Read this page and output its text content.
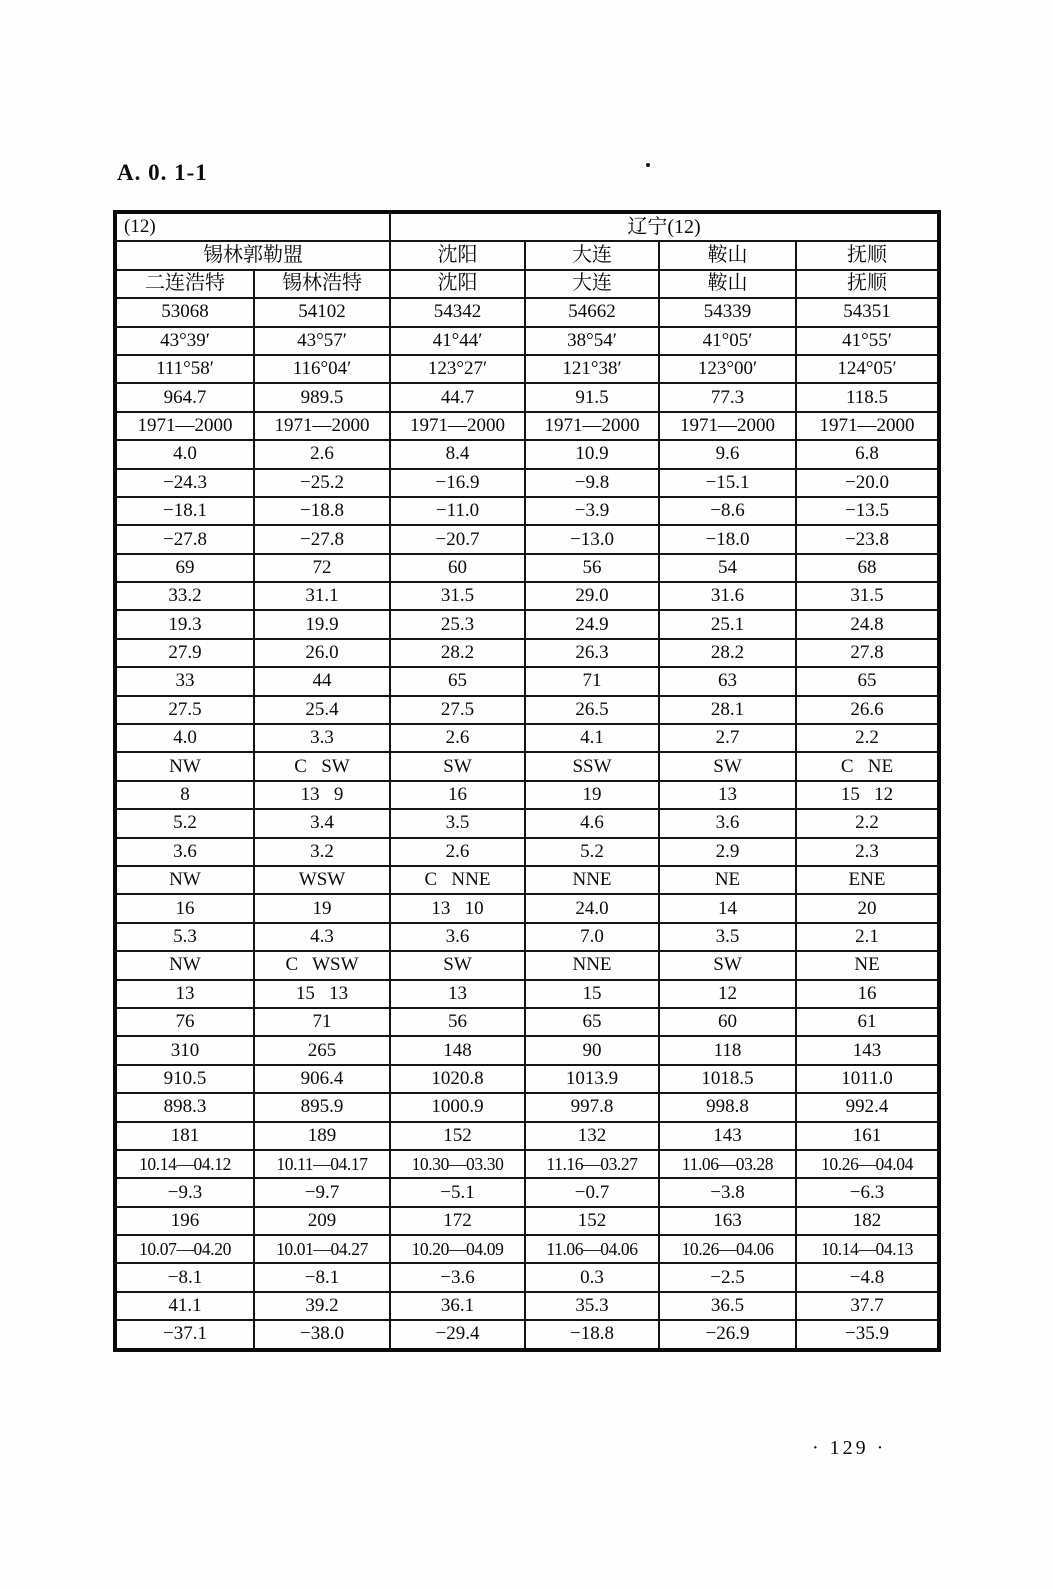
A. 0. 1-1
(12)		辽宁(12)			
锡林郭勒盟		沈阳	大连	鞍山	抚顺
二连浩特	锡林浩特	沈阳	大连	鞍山	抚顺
53068	54102	54342	54662	54339	54351
43°39′	43°57′	41°44′	38°54′	41°05′	41°55′
111°58′	116°04′	123°27′	121°38′	123°00′	124°05′
964.7	989.5	44.7	91.5	77.3	118.5
1971—2000	1971—2000	1971—2000	1971—2000	1971—2000	1971—2000
4.0	2.6	8.4	10.9	9.6	6.8
−24.3	−25.2	−16.9	−9.8	−15.1	−20.0
−18.1	−18.8	−11.0	−3.9	−8.6	−13.5
−27.8	−27.8	−20.7	−13.0	−18.0	−23.8
69	72	60	56	54	68
33.2	31.1	31.5	29.0	31.6	31.5
19.3	19.9	25.3	24.9	25.1	24.8
27.9	26.0	28.2	26.3	28.2	27.8
33	44	65	71	63	65
27.5	25.4	27.5	26.5	28.1	26.6
4.0	3.3	2.6	4.1	2.7	2.2
NW	C   SW	SW	SSW	SW	C   NE
8	13   9	16	19	13	15   12
5.2	3.4	3.5	4.6	3.6	2.2
3.6	3.2	2.6	5.2	2.9	2.3
NW	WSW	C   NNE	NNE	NE	ENE
16	19	13   10	24.0	14	20
5.3	4.3	3.6	7.0	3.5	2.1
NW	C   WSW	SW	NNE	SW	NE
13	15   13	13	15	12	16
76	71	56	65	60	61
310	265	148	90	118	143
910.5	906.4	1020.8	1013.9	1018.5	1011.0
898.3	895.9	1000.9	997.8	998.8	992.4
181	189	152	132	143	161
10.14—04.12	10.11—04.17	10.30—03.30	11.16—03.27	11.06—03.28	10.26—04.04
−9.3	−9.7	−5.1	−0.7	−3.8	−6.3
196	209	172	152	163	182
10.07—04.20	10.01—04.27	10.20—04.09	11.06—04.06	10.26—04.06	10.14—04.13
−8.1	−8.1	−3.6	0.3	−2.5	−4.8
41.1	39.2	36.1	35.3	36.5	37.7
−37.1	−38.0	−29.4	−18.8	−26.9	−35.9
· 129 ·
